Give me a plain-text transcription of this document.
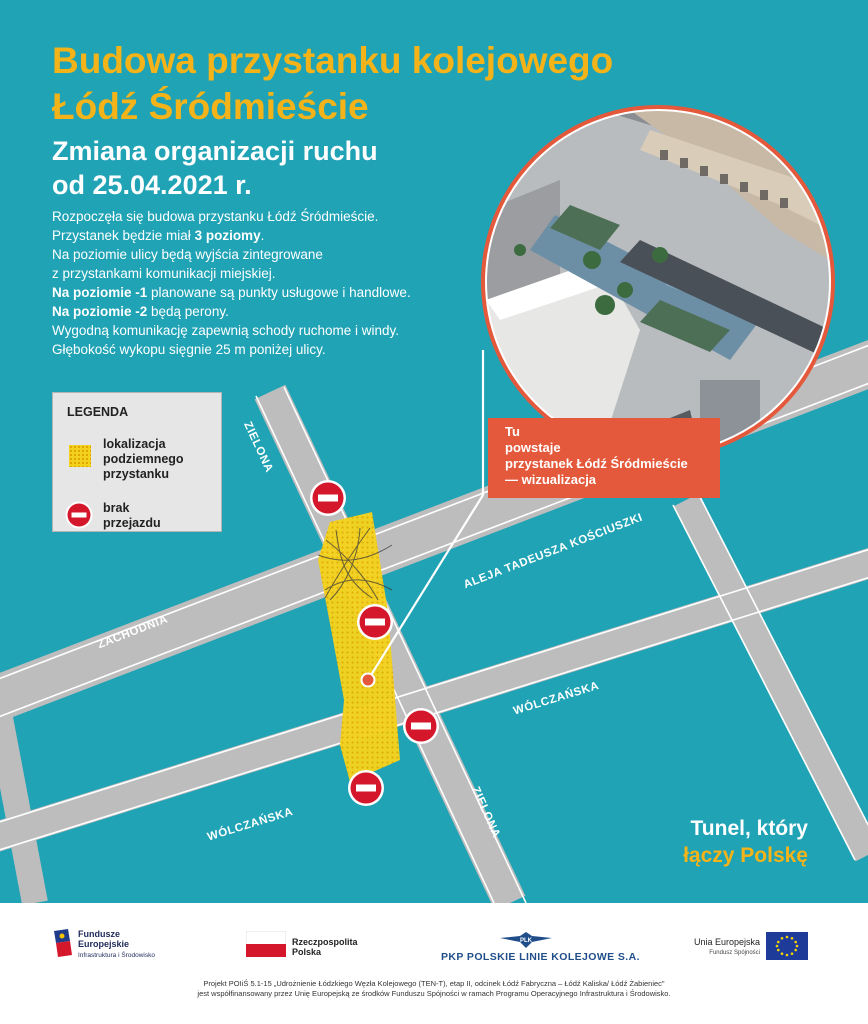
Budowa przystanku kolejowego
Łódź Śródmieście
Zmiana organizacji ruchu
od 25.04.2021 r.
Rozpoczęła się budowa przystanku Łódź Śródmieście.
Przystanek będzie miał 3 poziomy.
Na poziomie ulicy będą wyjścia zintegrowane
z przystankami komunikacji miejskiej.
Na poziomie -1 planowane są punkty usługowe i handlowe.
Na poziomie -2 będą perony.
Wygodną komunikację zapewnią schody ruchome i windy.
Głębokość wykopu sięgnie 25 m poniżej ulicy.
LEGENDA
lokalizacja
podziemnego
przystanku
brak
przejazdu
ZIELONA
ZIELONA
ZACHODNIA
ALEJA TADEUSZA KOŚCIUSZKI
WÓLCZAŃSKA
WÓLCZAŃSKA
Tu
powstaje
przystanek Łódź Śródmieście
— wizualizacja
Tunel, który
łączy Polskę
Fundusze
Europejskie
Infrastruktura i Środowisko
Rzeczpospolita
Polska
PLK
PKP POLSKIE LINIE KOLEJOWE S.A.
Unia Europejska
Fundusz Spójności
Projekt POIiŚ 5.1-15 „Udrożnienie Łódzkiego Węzła Kolejowego (TEN-T), etap II, odcinek Łódź Fabryczna – Łódź Kaliska/ Łódź Żabieniec"
jest współfinansowany przez Unię Europejską ze środków Funduszu Spójności w ramach Programu Operacyjnego Infrastruktura i Środowisko.
